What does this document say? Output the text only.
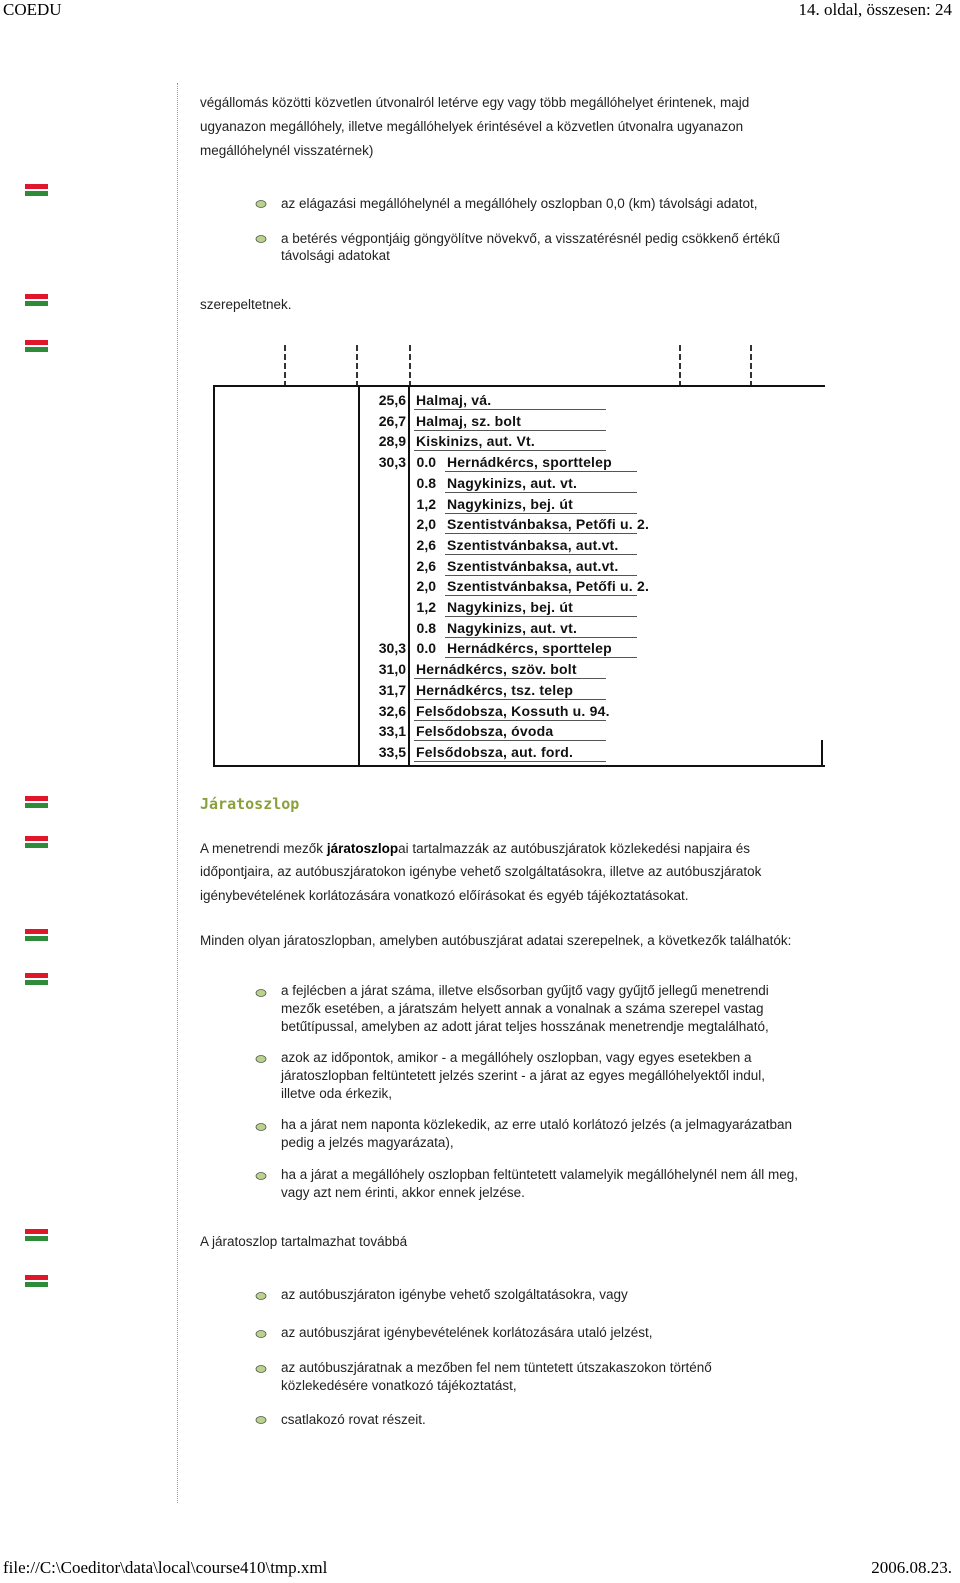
COEDU	14. oldal, összesen: 24
file://C:\Coeditor\data\local\course410\tmp.xml	2006.08.23.
végállomás közötti közvetlen útvonalról letérve egy vagy több megállóhelyet érintenek, majd
ugyanazon megállóhely, illetve megállóhelyek érintésével a közvetlen útvonalra ugyanazon
megállóhelynél visszatérnek)
az elágazási megállóhelynél a megállóhely oszlopban 0,0 (km) távolsági adatot,
a betérés végpontjáig göngyölítve növekvő, a visszatérésnél pedig csökkenő értékű
távolsági adatokat
szerepeltetnek.
25,6 Halmaj, vá.
26,7 Halmaj, sz. bolt
28,9 Kiskinizs, aut. Vt.
30,3 0.0 Hernádkércs, sporttelep
0.8 Nagykinizs, aut. vt.
1,2 Nagykinizs, bej. út
2,0 Szentistvánbaksa, Petőfi u. 2.
2,6 Szentistvánbaksa, aut.vt.
2,6 Szentistvánbaksa, aut.vt.
2,0 Szentistvánbaksa, Petőfi u. 2.
1,2 Nagykinizs, bej. út
0.8 Nagykinizs, aut. vt.
30,3 0.0 Hernádkércs, sporttelep
31,0 Hernádkércs, szöv. bolt
31,7 Hernádkércs, tsz. telep
32,6 Felsődobsza, Kossuth u. 94.
33,1 Felsődobsza, óvoda
33,5 Felsődobsza, aut. ford.
Járatoszlop
A menetrendi mezők járatoszlopai tartalmazzák az autóbuszjáratok közlekedési napjaira és
időpontjaira, az autóbuszjáratokon igénybe vehető szolgáltatásokra, illetve az autóbuszjáratok
igénybevételének korlátozására vonatkozó előírásokat és egyéb tájékoztatásokat.
Minden olyan járatoszlopban, amelyben autóbuszjárat adatai szerepelnek, a következők találhatók:
a fejlécben a járat száma, illetve elsősorban gyűjtő vagy gyűjtő jellegű menetrendi
mezők esetében, a járatszám helyett annak a vonalnak a száma szerepel vastag
betűtípussal, amelyben az adott járat teljes hosszának menetrendje megtalálható,
azok az időpontok, amikor - a megállóhely oszlopban, vagy egyes esetekben a
járatoszlopban feltüntetett jelzés szerint - a járat az egyes megállóhelyektől indul,
illetve oda érkezik,
ha a járat nem naponta közlekedik, az erre utaló korlátozó jelzés (a jelmagyarázatban
pedig a jelzés magyarázata),
ha a járat a megállóhely oszlopban feltüntetett valamelyik megállóhelynél nem áll meg,
vagy azt nem érinti, akkor ennek jelzése.
A járatoszlop tartalmazhat továbbá
az autóbuszjáraton igénybe vehető szolgáltatásokra, vagy
az autóbuszjárat igénybevételének korlátozására utaló jelzést,
az autóbuszjáratnak a mezőben fel nem tüntetett útszakaszokon történő
közlekedésére vonatkozó tájékoztatást,
csatlakozó rovat részeit.
